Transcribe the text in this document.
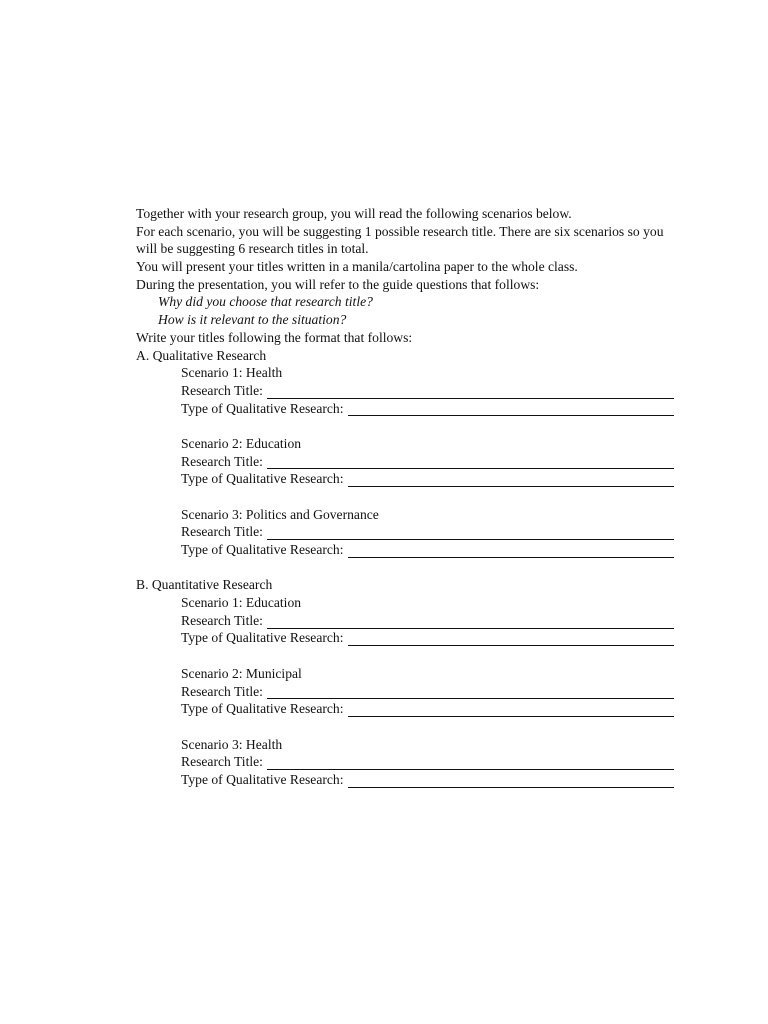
Together with your research group, you will read the following scenarios below.
For each scenario, you will be suggesting 1 possible research title. There are six scenarios so you
will be suggesting 6 research titles in total.
You will present your titles written in a manila/cartolina paper to the whole class.
During the presentation, you will refer to the guide questions that follows:
Why did you choose that research title?
How is it relevant to the situation?
Write your titles following the format that follows:
A. Qualitative Research
Scenario 1: Health
Research Title:
Type of Qualitative Research:
Scenario 2: Education
Research Title:
Type of Qualitative Research:
Scenario 3: Politics and Governance
Research Title:
Type of Qualitative Research:
B. Quantitative Research
Scenario 1: Education
Research Title:
Type of Qualitative Research:
Scenario 2: Municipal
Research Title:
Type of Qualitative Research:
Scenario 3: Health
Research Title:
Type of Qualitative Research:
